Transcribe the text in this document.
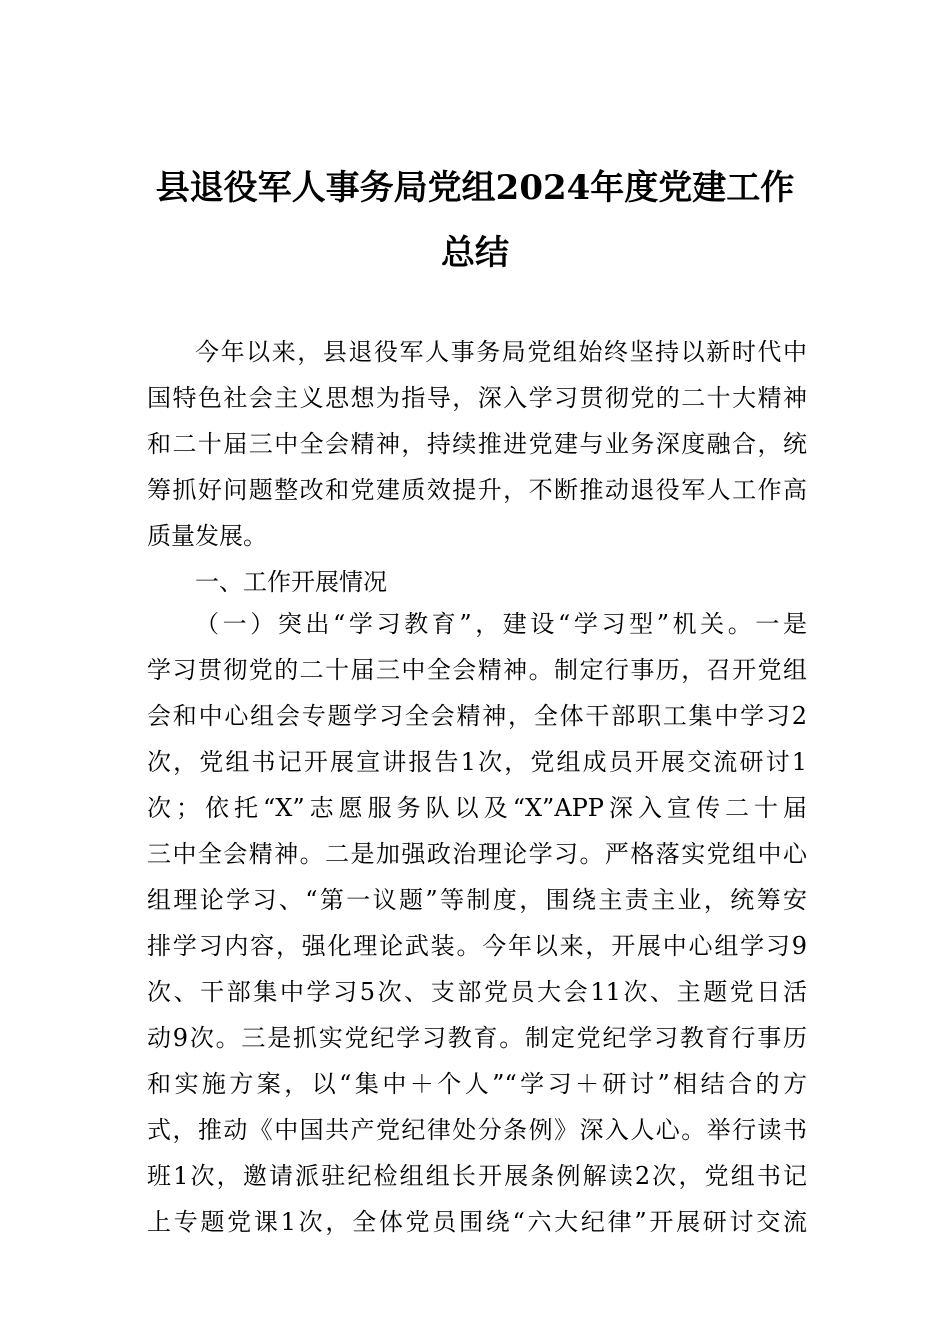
县退役军人事务局党组2024年度党建工作
总结
今年以来，县退役军人事务局党组始终坚持以新时代中
国特色社会主义思想为指导，深入学习贯彻党的二十大精神
和二十届三中全会精神，持续推进党建与业务深度融合，统
筹抓好问题整改和党建质效提升，不断推动退役军人工作高
质量发展。
一、工作开展情况
（一）突出“学习教育”，建设“学习型”机关。一是
学习贯彻党的二十届三中全会精神。制定行事历，召开党组
会和中心组会专题学习全会精神，全体干部职工集中学习2
次，党组书记开展宣讲报告1次，党组成员开展交流研讨1
次；依托“X”志愿服务队以及“X”APP深入宣传二十届
三中全会精神。二是加强政治理论学习。严格落实党组中心
组理论学习、“第一议题”等制度，围绕主责主业，统筹安
排学习内容，强化理论武装。今年以来，开展中心组学习9
次、干部集中学习5次、支部党员大会11次、主题党日活
动9次。三是抓实党纪学习教育。制定党纪学习教育行事历
和实施方案，以“集中＋个人”“学习＋研讨”相结合的方
式，推动《中国共产党纪律处分条例》深入人心。举行读书
班1次，邀请派驻纪检组组长开展条例解读2次，党组书记
上专题党课1次，全体党员围绕“六大纪律”开展研讨交流
